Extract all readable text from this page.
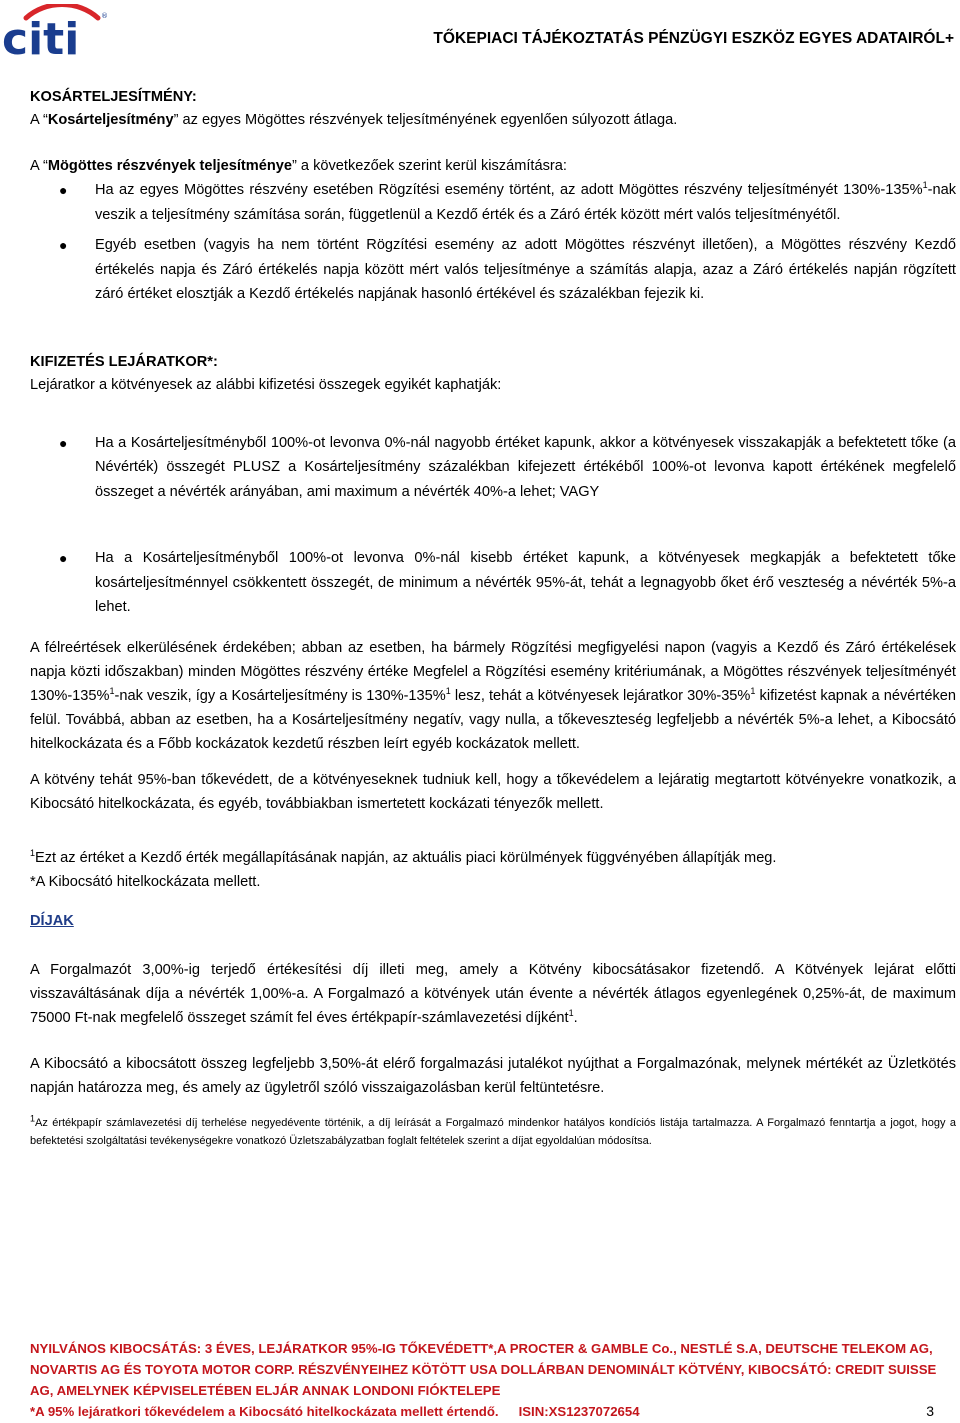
citi	®
TŐKEPIACI TÁJÉKOZTATÁS PÉNZÜGYI ESZKÖZ EGYES ADATAIRÓL+

KOSÁRTELJESÍTMÉNY:

A “Kosárteljesítmény” az egyes Mögöttes részvények teljesítményének egyenlően súlyozott átlaga.

A “Mögöttes részvények teljesítménye” a következőek szerint kerül kiszámításra:

● Ha az egyes Mögöttes részvény esetében Rögzítési esemény történt, az adott Mögöttes részvény teljesítményét 130%-135%$^1$-nak veszik a teljesítmény számítása során, függetlenül a Kezdő érték és a Záró érték között mért valós teljesítményétől.
● Egyéb esetben (vagyis ha nem történt Rögzítési esemény az adott Mögöttes részvényt illetően), a Mögöttes részvény Kezdő értékelés napja és Záró értékelés napja között mért valós teljesítménye a számítás alapja, azaz a Záró értékelés napján rögzített záró értéket elosztják a Kezdő értékelés napjának hasonló értékével és százalékban fejezik ki.

KIFIZETÉS LEJÁRATKOR*:

Lejáratkor a kötvényesek az alábbi kifizetési összegek egyikét kaphatják:

● Ha a Kosárteljesítményből 100%-ot levonva 0%-nál nagyobb értéket kapunk, akkor a kötvényesek visszakapják a befektetett tőke (a Névérték) összegét PLUSZ a Kosárteljesítmény százalékban kifejezett értékéből 100%-ot levonva kapott értékének megfelelő összeget a névérték arányában, ami maximum a névérték 40%-a lehet; VAGY
● Ha a Kosárteljesítményből 100%-ot levonva 0%-nál kisebb értéket kapunk, a kötvényesek megkapják a befektetett tőke kosárteljesítménnyel csökkentett összegét, de minimum a névérték 95%-át, tehát a legnagyobb őket érő veszteség a névérték 5%-a lehet.

A félreértések elkerülésének érdekében; abban az esetben, ha bármely Rögzítési megfigyelési napon (vagyis a Kezdő és Záró értékelések napja közti időszakban) minden Mögöttes részvény értéke Megfelel a Rögzítési esemény kritériumának, a Mögöttes részvények teljesítményét 130%-135%$^1$-nak veszik, így a Kosárteljesítmény is 130%-135%$^1$ lesz, tehát a kötvényesek lejáratkor 30%-35%$^1$ kifizetést kapnak a névértéken felül. Továbbá, abban az esetben, ha a Kosárteljesítmény negatív, vagy nulla, a tőkeveszteség legfeljebb a névérték 5%-a lehet, a Kibocsátó hitelkockázata és a Főbb kockázatok kezdetű részben leírt egyéb kockázatok mellett.

A kötvény tehát 95%-ban tőkevédett, de a kötvényeseknek tudniuk kell, hogy a tőkevédelem a lejáratig megtartott kötvényekre vonatkozik, a Kibocsátó hitelkockázata, és egyéb, továbbiakban ismertetett kockázati tényezők mellett.

$^1$Ezt az értéket a Kezdő érték megállapításának napján, az aktuális piaci körülmények függvényében állapítják meg.

*A Kibocsátó hitelkockázata mellett.

DÍJAK

A Forgalmazót 3,00%-ig terjedő értékesítési díj illeti meg, amely a Kötvény kibocsátásakor fizetendő. A Kötvények lejárat előtti visszaváltásának díja a névérték 1,00%-a. A Forgalmazó a kötvények után évente a névérték átlagos egyenlegének 0,25%-át, de maximum 75000 Ft-nak megfelelő összeget számít fel éves értékpapír-számlavezetési díjként$^1$.

A Kibocsátó a kibocsátott összeg legfeljebb 3,50%-át elérő forgalmazási jutalékot nyújthat a Forgalmazónak, melynek mértékét az Üzletkötés napján határozza meg, és amely az ügyletről szóló visszaigazolásban kerül feltüntetésre.

$^1$Az értékpapír számlavezetési díj terhelése negyedévente történik, a díj leírását a Forgalmazó mindenkor hatályos kondíciós listája tartalmazza. A Forgalmazó fenntartja a jogot, hogy a befektetési szolgáltatási tevékenységekre vonatkozó Üzletszabályzatban foglalt feltételek szerint a díjat egyoldalúan módosítsa.

NYILVÁNOS KIBOCSÁTÁS: 3 ÉVES, LEJÁRATKOR 95%-IG TŐKEVÉDETT*,A PROCTER & GAMBLE Co., NESTLÉ S.A, DEUTSCHE TELEKOM AG,

NOVARTIS AG ÉS TOYOTA MOTOR CORP. RÉSZVÉNYEIHEZ KÖTÖTT USA DOLLÁRBAN DENOMINÁLT KÖTVÉNY, KIBOCSÁTÓ: CREDIT SUISSE

AG, AMELYNEK KÉPVISELETÉBEN ELJÁR ANNAK LONDONI FIÓKTELEPE

*A 95% lejáratkori tőkevédelem a Kibocsátó hitelkockázata mellett értendő. ISIN:XS1237072654	3
